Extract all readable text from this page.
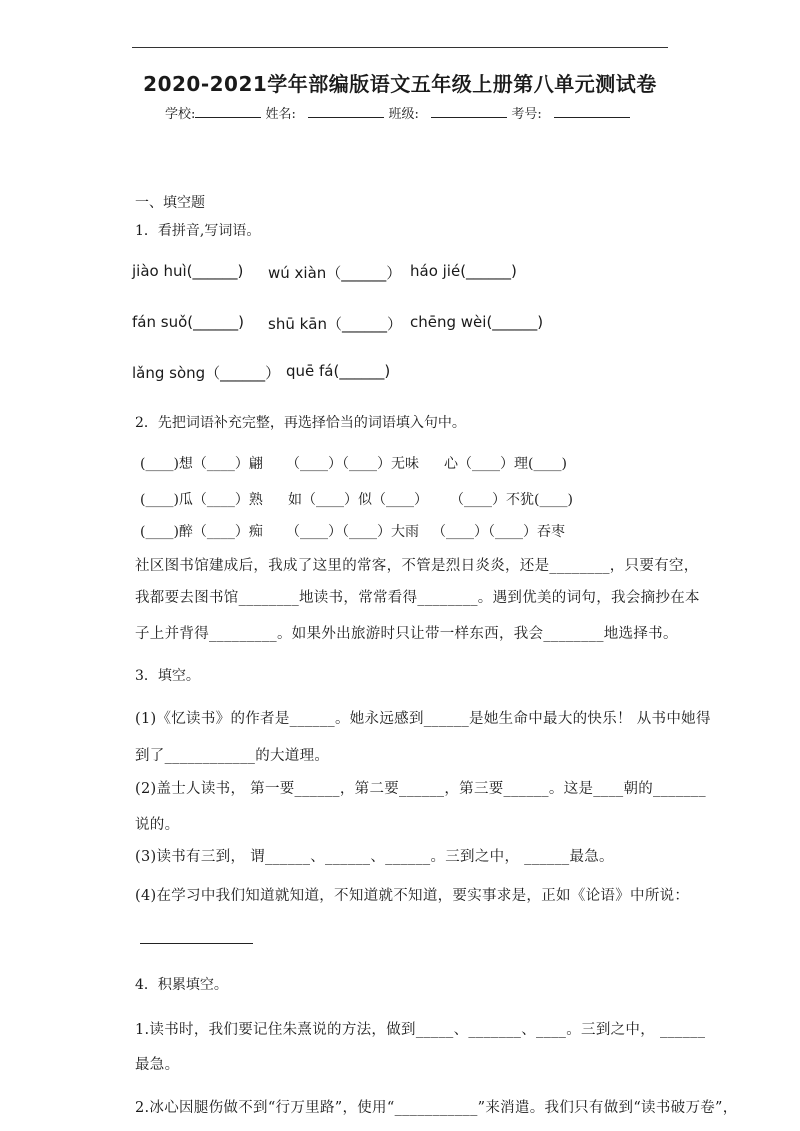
2020-2021学年部编版语文五年级上册第八单元测试卷
学校:	姓名:	班级:	考号:
一、填空题
1．看拼音,写词语。
jiào huì(______) wú xiàn（______） háo jié(______)
fán suǒ(______) shū kān（______） chēng wèi(______)
lǎng sòng（______） quē fá(______)
2．先把词语补充完整，再选择恰当的词语填入句中。
(____)想（____）翩 （____）（____）无味 心（____）理(____)
(____)瓜（____）熟 如（____）似（____） （____）不犹(____)
(____)醉（____）痴 （____）（____）大雨 （____）（____）吞枣
社区图书馆建成后，我成了这里的常客，不管是烈日炎炎，还是________，只要有空，
我都要去图书馆________地读书，常常看得________。遇到优美的词句，我会摘抄在本
子上并背得_________。如果外出旅游时只让带一样东西，我会________地选择书。
3．填空。
(1)《忆读书》的作者是______。她永远感到______是她生命中最大的快乐！ 从书中她得
到了____________的大道理。
(2)盖士人读书， 第一要______，第二要______，第三要______。这是____朝的_______
说的。
(3)读书有三到， 谓______、______、______。三到之中， ______最急。
(4)在学习中我们知道就知道，不知道就不知道，要实事求是，正如《论语》中所说：
4．积累填空。
1.读书时，我们要记住朱熹说的方法，做到_____、_______、____。三到之中， ______
最急。
2.冰心因腿伤做不到“行万里路”，使用“___________”来消遣。我们只有做到“读书破万卷”，
